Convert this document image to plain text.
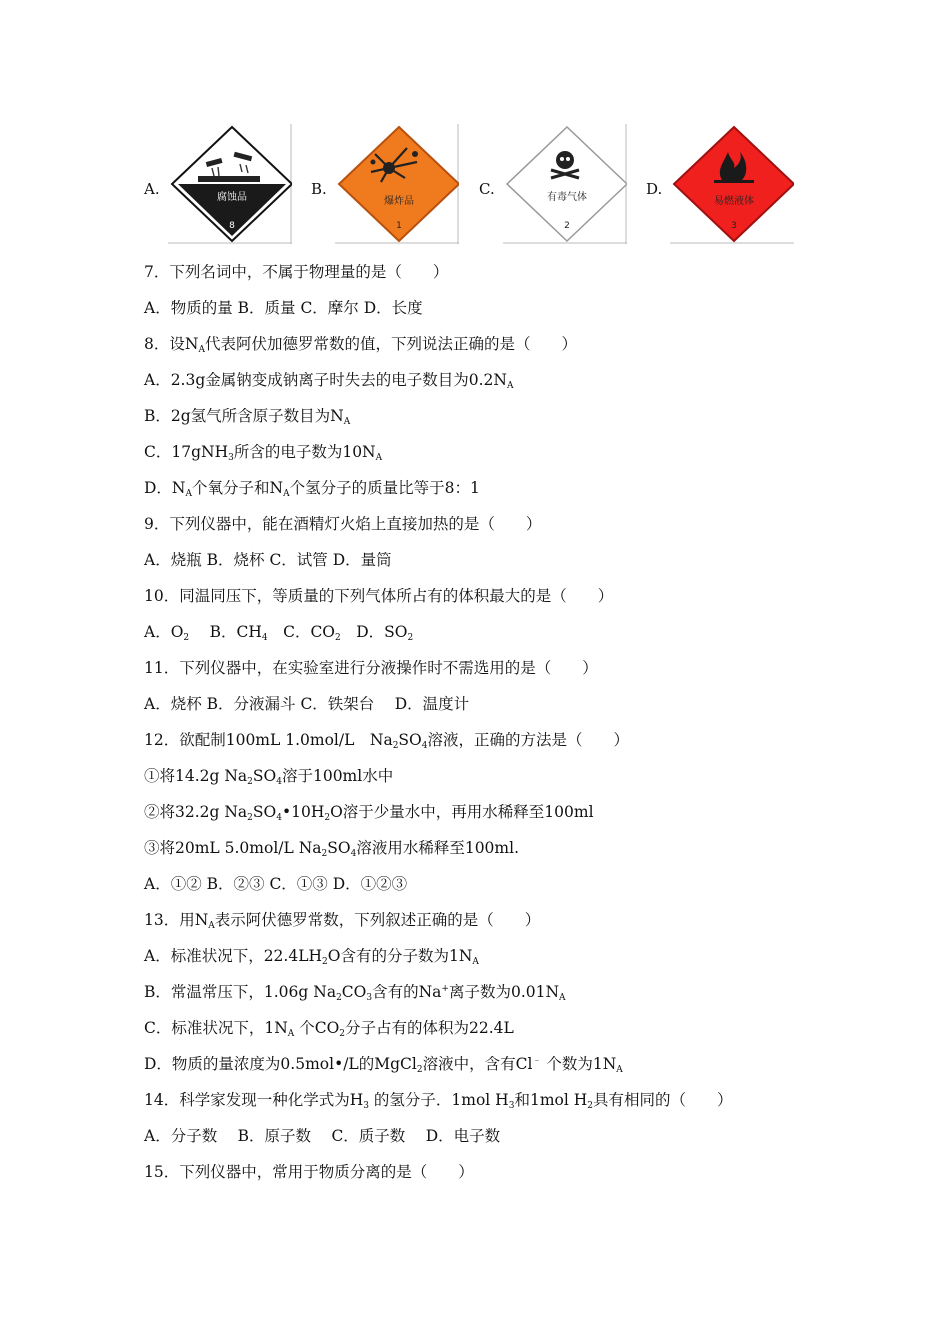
A.	腐蚀品
8
B.
爆炸品
1
C.	有毒气体
2
D.
易燃液体
3
7．下列名词中，不属于物理量的是（　　）
A．物质的量 B．质量 C．摩尔 D．长度
8．设$N_A$代表阿伏加德罗常数的值，下列说法正确的是（　　）
A．2.3g金属钠变成钠离子时失去的电子数目为$0.2N_A$
B．2g氢气所含原子数目为$N_A$
C．17gNH$_3$所含的电子数为$10N_A$
D．$N_A$个氧分子和$N_A$个氢分子的质量比等于8：1
9．下列仪器中，能在酒精灯火焰上直接加热的是（　　）
A．烧瓶 B．烧杯 C．试管 D．量筒
10．同温同压下，等质量的下列气体所占有的体积最大的是（　　）
A．$O_2$　 B．$CH_4$　C．$CO_2$　D．$SO_2$
11．下列仪器中，在实验室进行分液操作时不需选用的是（　　）
A．烧杯 B．分液漏斗 C．铁架台　 D．温度计
12．欲配制100mL 1.0mol/L　$Na_2SO_4$溶液，正确的方法是（　　）
①将14.2g $Na_2SO_4$溶于100ml水中
②将32.2g $Na_2SO_4•10H_2O$溶于少量水中，再用水稀释至100ml
③将20mL 5.0mol/L $Na_2SO_4$溶液用水稀释至100ml.
A．①② B．②③ C．①③ D．①②③
13．用$N_A$表示阿伏德罗常数，下列叙述正确的是（　　）
A．标准状况下，$22.4LH_2O$含有的分子数为$1N_A$
B．常温常压下，1.06g $Na_2CO_3$含有的Na+离子数为$0.01N_A$
C．标准状况下，$1N_A$ 个$CO_2$分子占有的体积为22.4L
D．物质的量浓度为0.5mol•/L的MgCl$_2$溶液中，含有Cl﹣ 个数为$1N_A$
14．科学家发现一种化学式为$H_3$ 的氢分子．1mol $H_3$和1mol $H_2$具有相同的（　　）
A．分子数　 B．原子数　 C．质子数　 D．电子数
15．下列仪器中，常用于物质分离的是（　　）
